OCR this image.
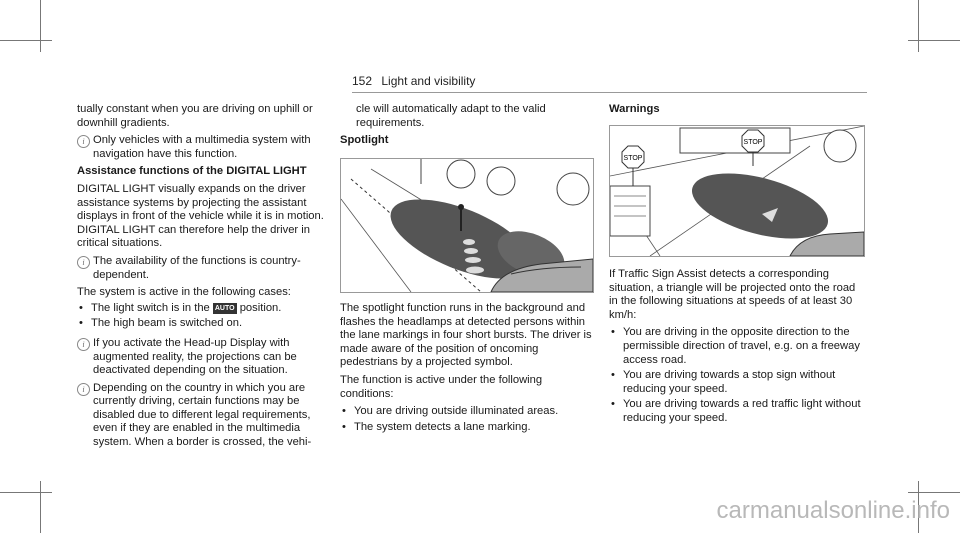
152 Light and visibility

tually constant when you are driving on uphill or downhill gradients.

i Only vehicles with a multimedia system with navigation have this function.

Assistance functions of the DIGITAL LIGHT

DIGITAL LIGHT visually expands on the driver assistance systems by projecting the assistant displays in front of the vehicle while it is in motion. DIGITAL LIGHT can therefore help the driver in critical situations.

i The availability of the functions is country-dependent.

The system is active in the following cases:

• The light switch is in the AUTO position.
• The high beam is switched on.
i If you activate the Head-up Display with augmented reality, the projections can be deactivated depending on the situation.
i Depending on the country in which you are currently driving, certain functions may be disabled due to different legal requirements, even if they are enabled in the multimedia system. When a border is crossed, the vehi-

cle will automatically adapt to the valid requirements.

Spotlight

The spotlight function runs in the background and flashes the headlamps at detected persons within the lane markings in four short bursts. The driver is made aware of the position of oncoming pedestrians by a projected symbol.

The function is active under the following conditions:

• You are driving outside illuminated areas.
• The system detects a lane marking.

Warnings

STOP
STOP

If Traffic Sign Assist detects a corresponding situation, a triangle will be projected onto the road in the following situations at speeds of at least 30 km/h:

• You are driving in the opposite direction to the permissible direction of travel, e.g. on a freeway access road.
• You are driving towards a stop sign without reducing your speed.
• You are driving towards a red traffic light without reducing your speed.
carmanualsonline.info
